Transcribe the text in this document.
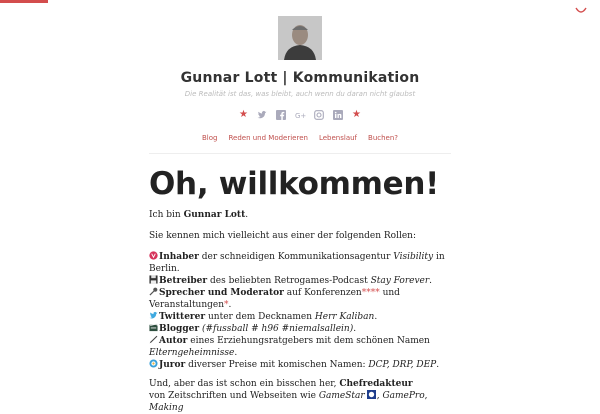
Gunnar Lott | Kommunikation
Die Realität ist das, was bleibt, auch wenn du daran nicht glaubst
★	G+	★
Blog Reden und Moderieren Lebenslauf Buchen?
Oh, willkommen!

Ich bin Gunnar Lott.

Sie kennen mich vielleicht aus einer der folgenden Rollen:

Inhaber der schneidigen Kommunikationsagentur Visibility in Berlin.
Betreiber des beliebten Retrogames-Podcast Stay Forever.
Sprecher und Moderator auf Konferenzen**** und Veranstaltungen*.
Twitterer unter dem Decknamen Herr Kaliban.
Blogger (#fussball # h96 #niemalsallein).
Autor eines Erziehungsratgebers mit dem schönen Namen Elterngeheimnisse.
Juror diverser Preise mit komischen Namen: DCP, DRP, DEP.

Und, aber das ist schon ein bisschen her, Chefredakteur
von Zeitschriften und Webseiten wie GameStar , GamePro, Making
